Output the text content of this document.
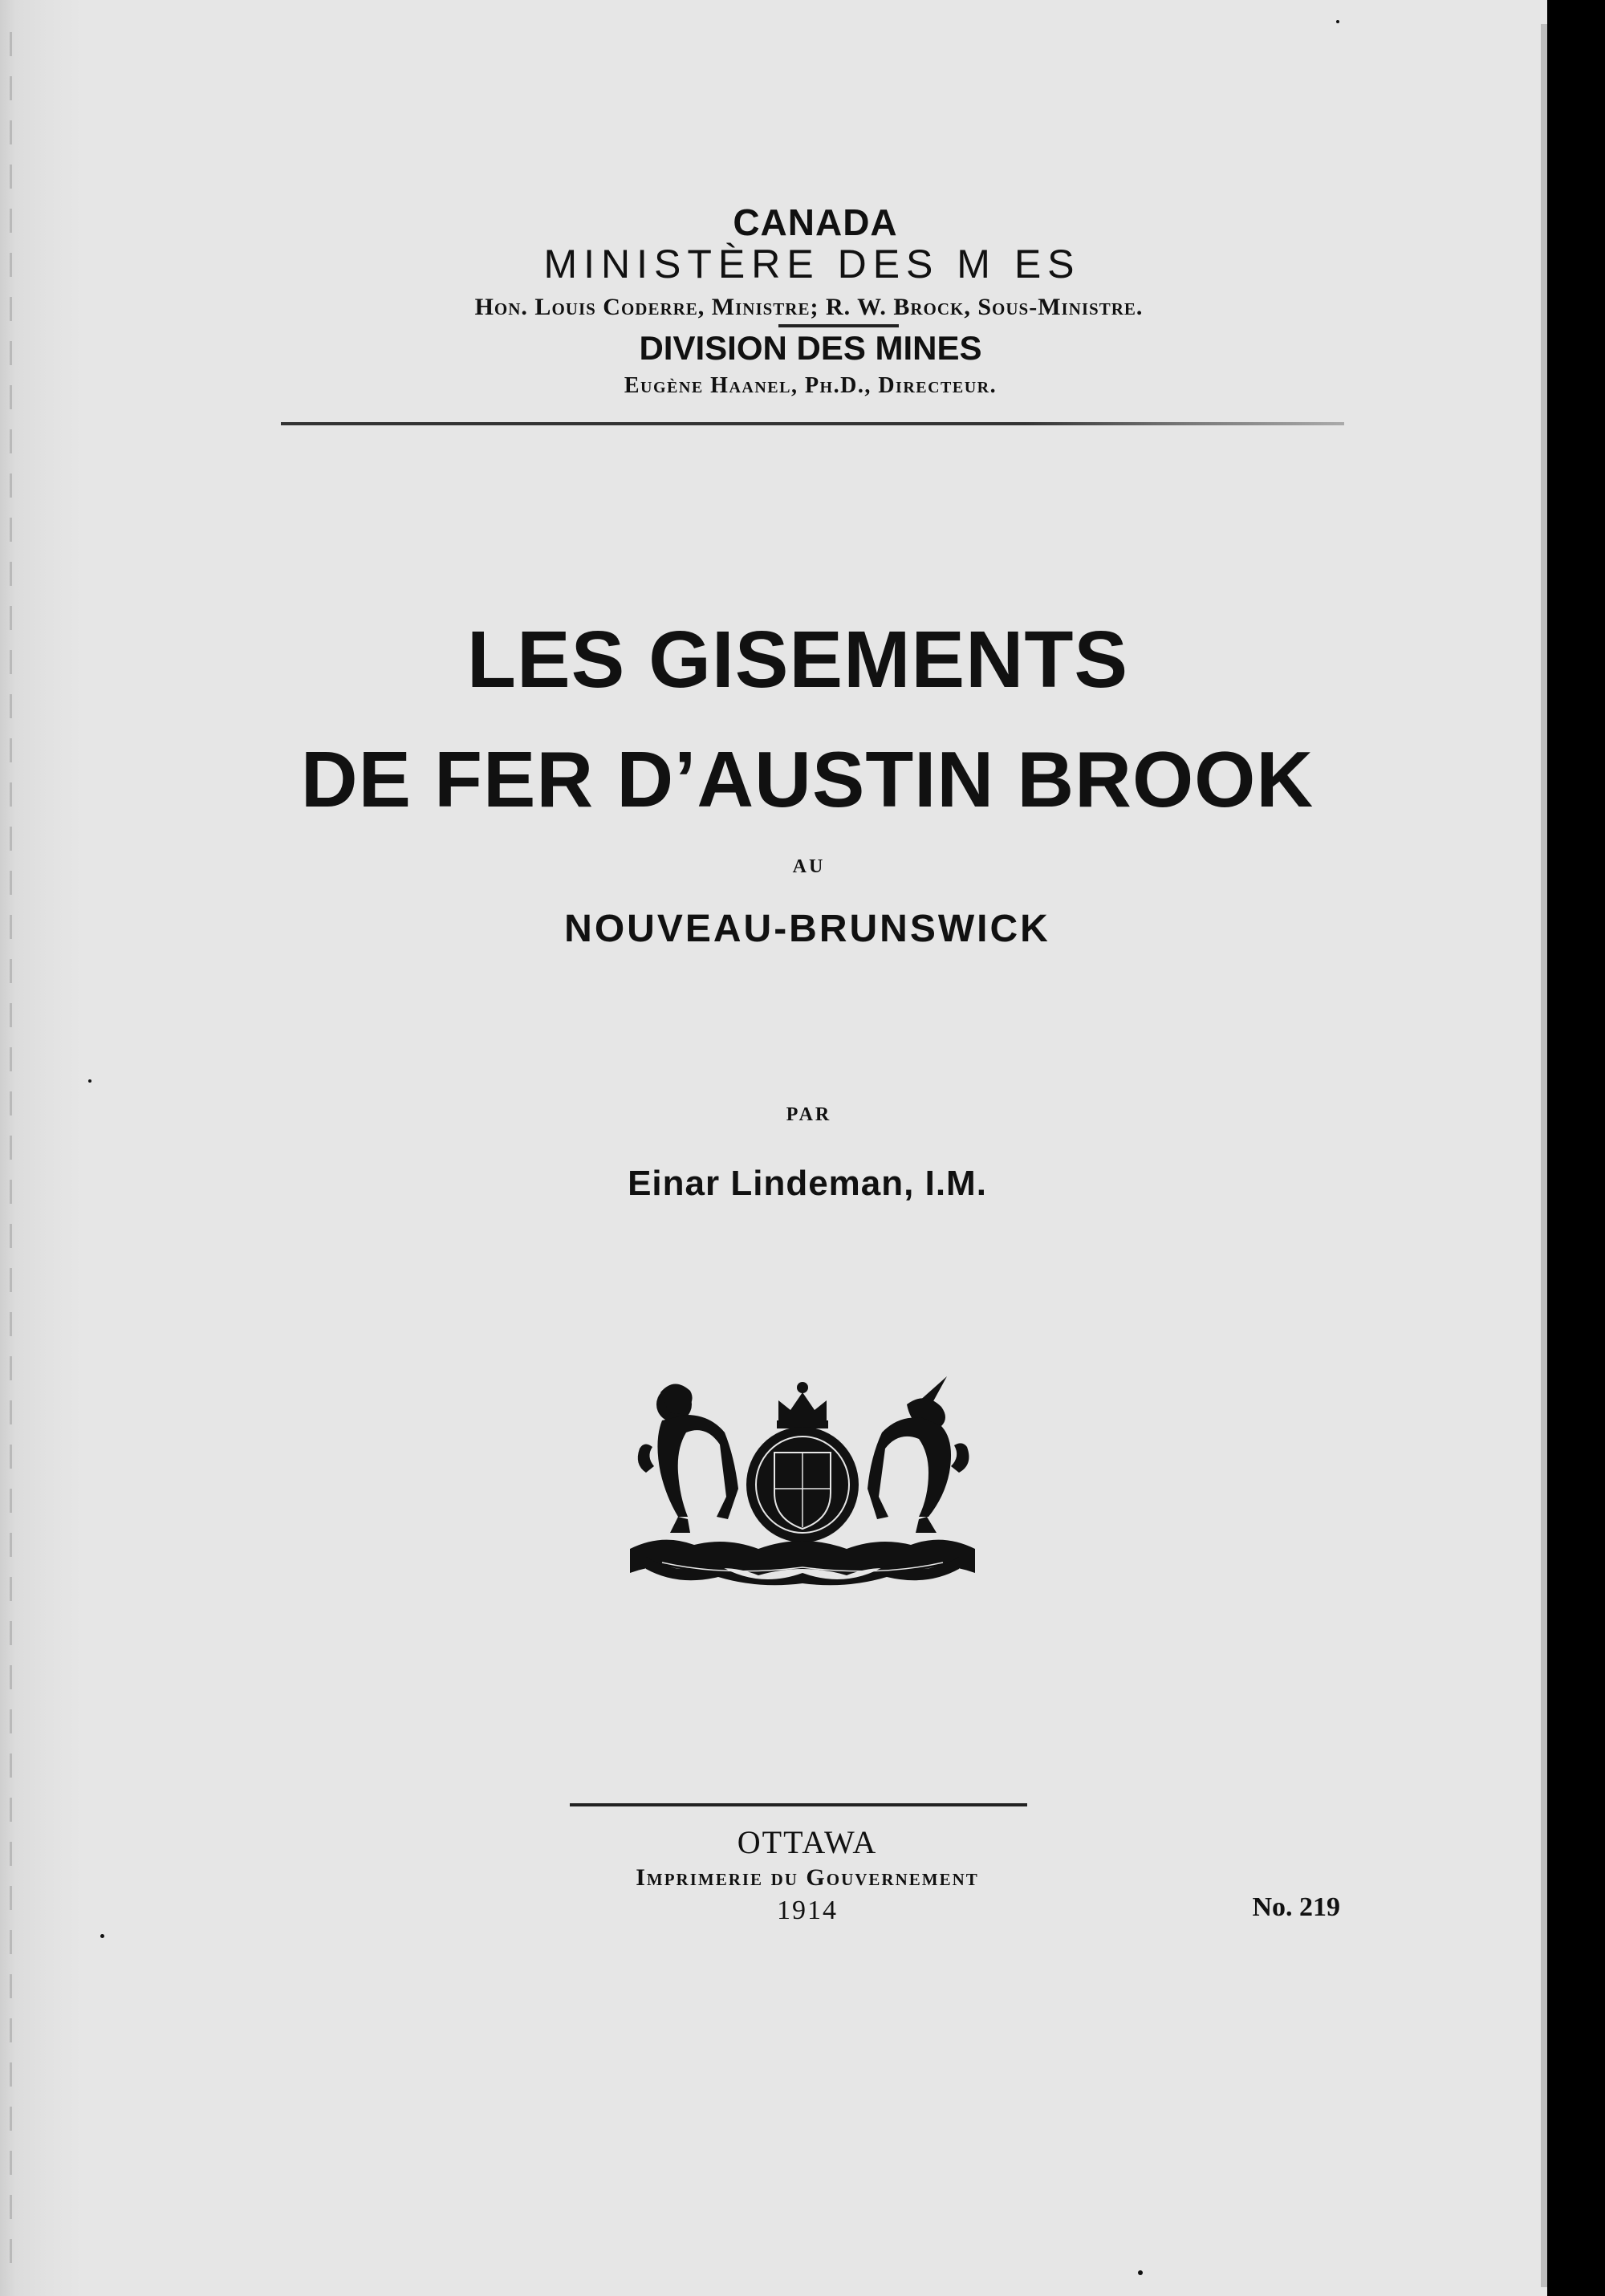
CANADA
MINISTÈRE DES M ES
Hon. Louis Coderre, Ministre; R. W. Brock, Sous-Ministre.
DIVISION DES MINES
Eugène Haanel, Ph.D., Directeur.
LES GISEMENTS
DE FER D’AUSTIN BROOK
AU
NOUVEAU-BRUNSWICK
PAR
Einar Lindeman, I.M.
OTTAWA
Imprimerie du Gouvernement
1914	No. 219
